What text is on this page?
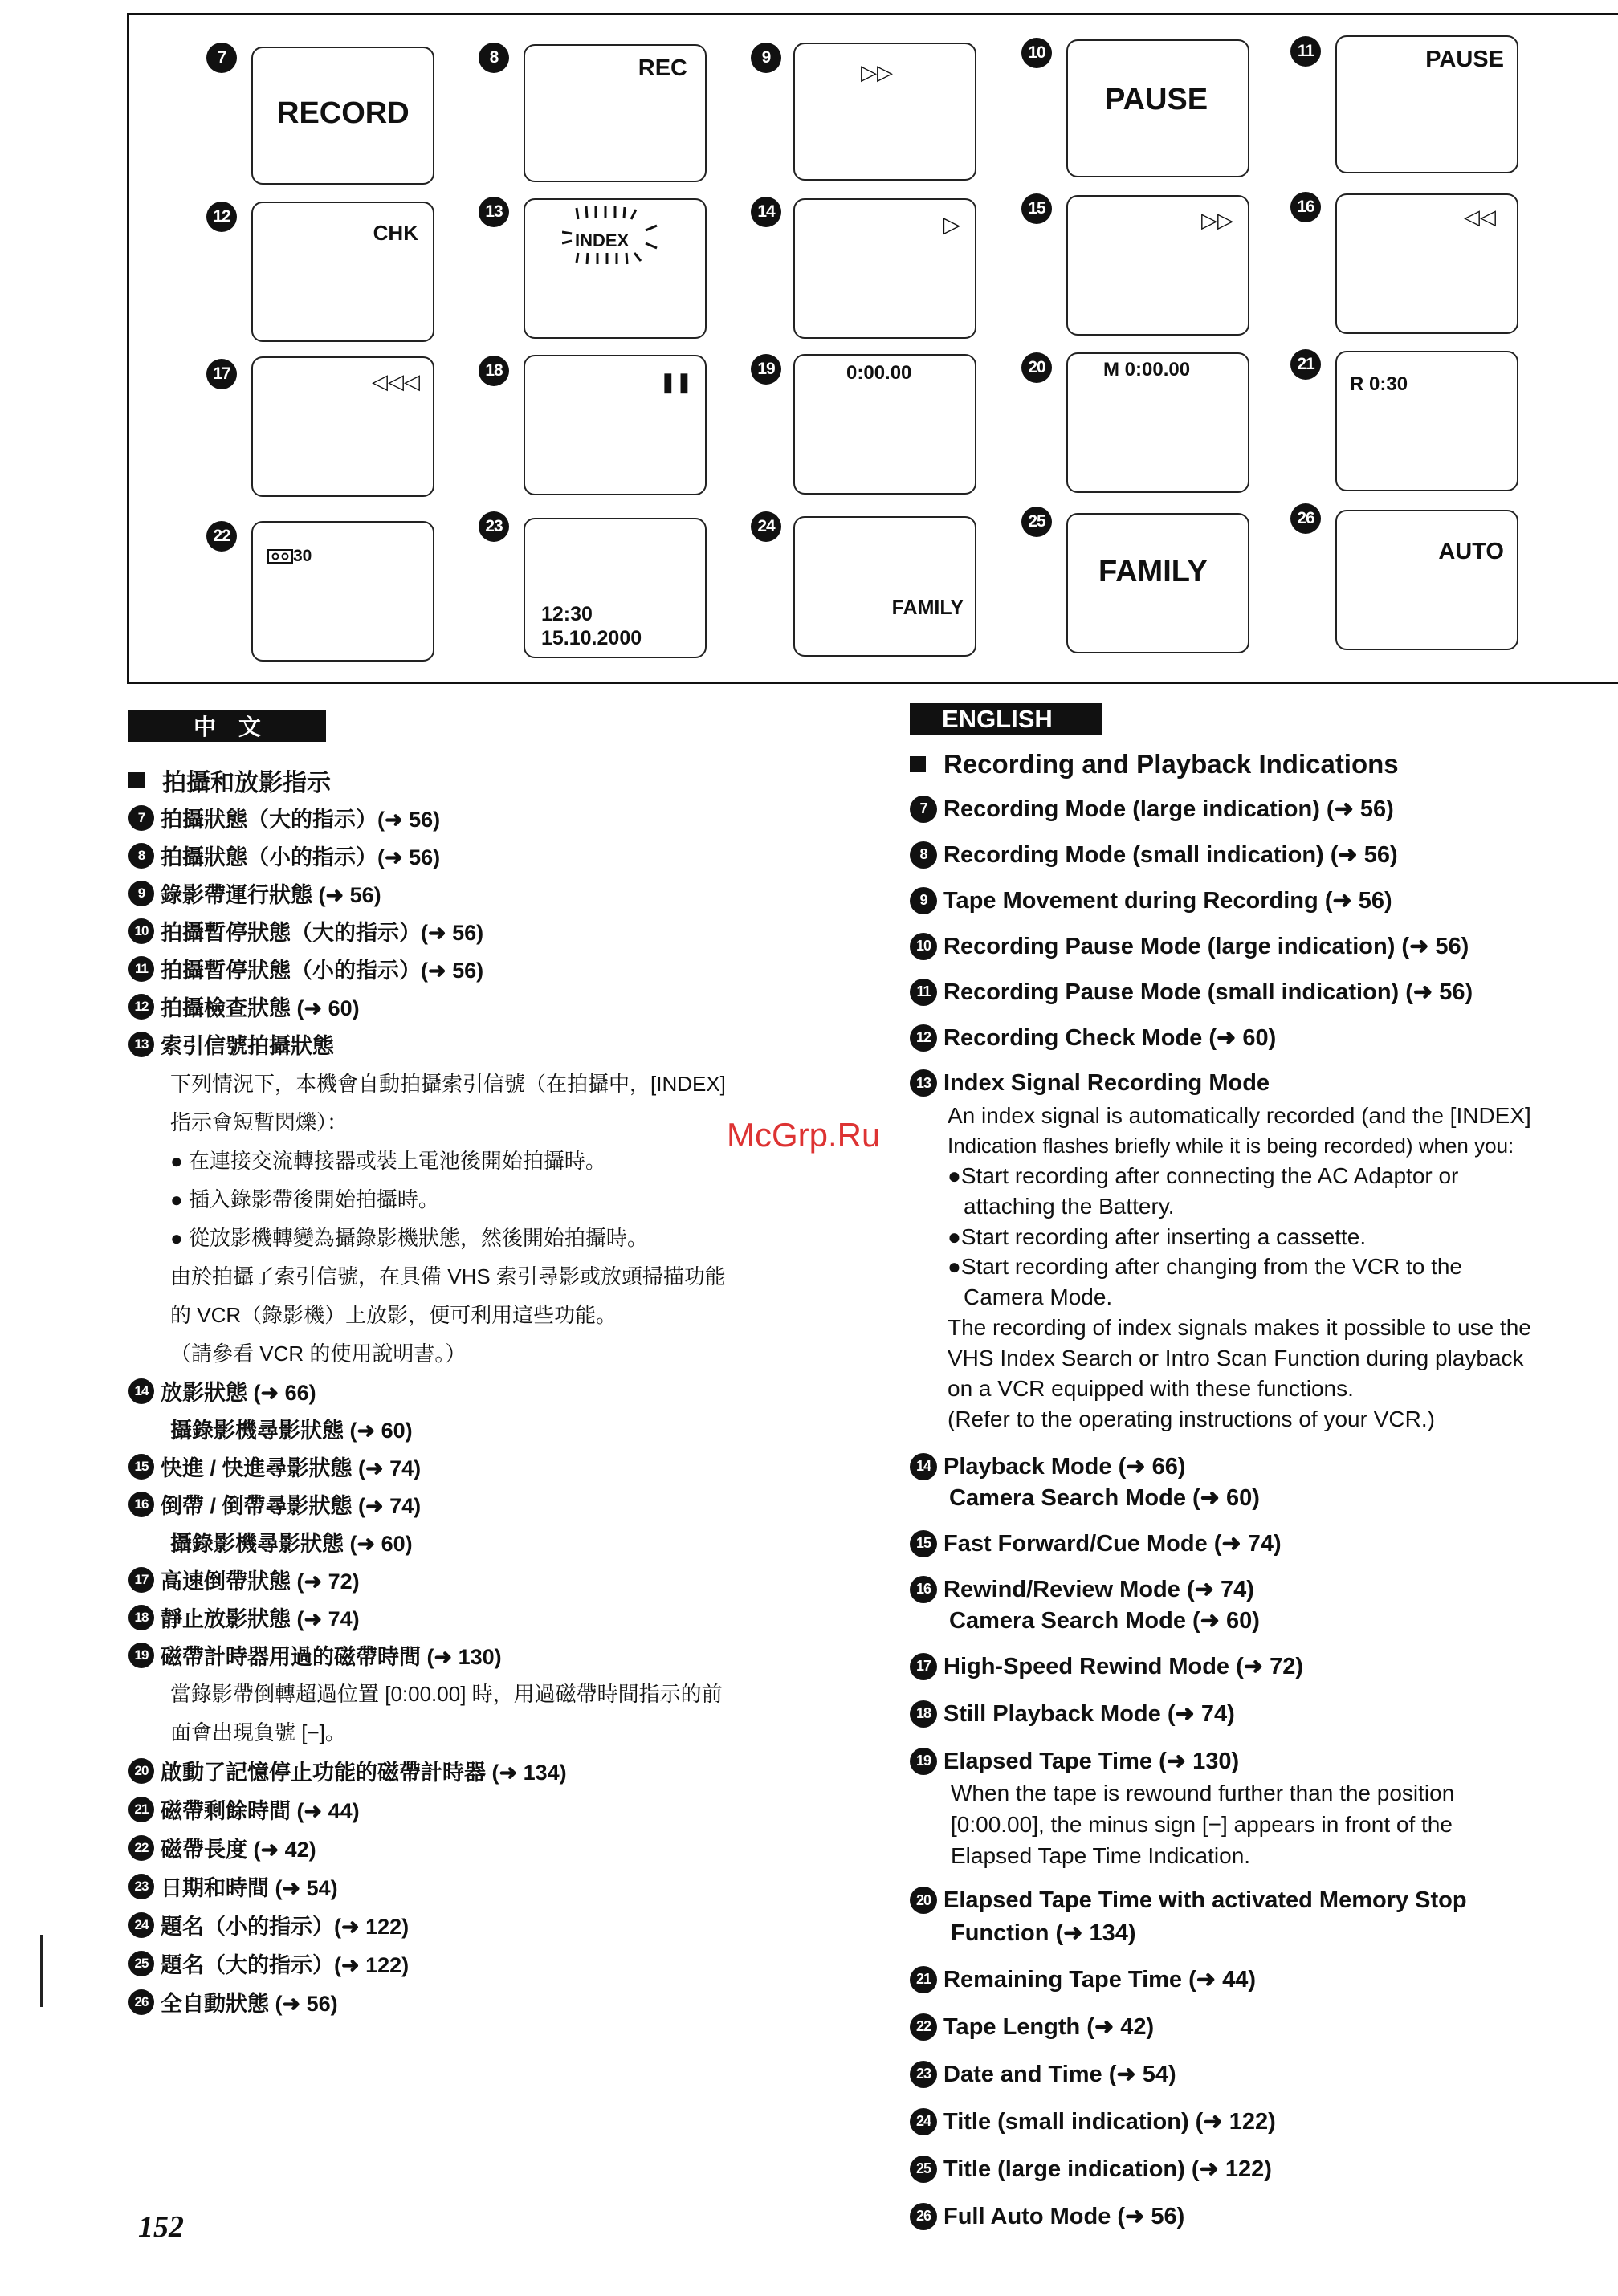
7
RECORD
8	REC	9
▷▷
10
PAUSE
11	PAUSE
12
CHK
13
INDEX
14
▷
15	▷▷
16	◁◁
17	◁◁◁	18
❚❚
19	0:00.00	20	M 0:00.00	21
R 0:30
22
30
23
12:30
15.10.2000
24
FAMILY
25
FAMILY
26
AUTO
中　文
拍攝和放影指示
7 拍攝狀態（大的指示）(➜ 56)
8 拍攝狀態（小的指示）(➜ 56)
9 錄影帶運行狀態 (➜ 56)
10 拍攝暫停狀態（大的指示）(➜ 56)
11 拍攝暫停狀態（小的指示）(➜ 56)
12 拍攝檢查狀態 (➜ 60)
13 索引信號拍攝狀態
下列情況下，本機會自動拍攝索引信號（在拍攝中，[INDEX]
指示會短暫閃爍）：
● 在連接交流轉接器或裝上電池後開始拍攝時。
● 插入錄影帶後開始拍攝時。
● 從放影機轉變為攝錄影機狀態，然後開始拍攝時。
由於拍攝了索引信號，在具備 VHS 索引尋影或放頭掃描功能
的 VCR（錄影機）上放影，便可利用這些功能。
（請參看 VCR 的使用說明書。）
14 放影狀態 (➜ 66)
攝錄影機尋影狀態 (➜ 60)
15 快進 / 快進尋影狀態 (➜ 74)
16 倒帶 / 倒帶尋影狀態 (➜ 74)
攝錄影機尋影狀態 (➜ 60)
17 高速倒帶狀態 (➜ 72)
18 靜止放影狀態 (➜ 74)
19 磁帶計時器用過的磁帶時間 (➜ 130)
當錄影帶倒轉超過位置 [0:00.00] 時，用過磁帶時間指示的前
面會出現負號 [−]。
20 啟動了記憶停止功能的磁帶計時器 (➜ 134)
21 磁帶剩餘時間 (➜ 44)
22 磁帶長度 (➜ 42)
23 日期和時間 (➜ 54)
24 題名（小的指示）(➜ 122)
25 題名（大的指示）(➜ 122)
26 全自動狀態 (➜ 56)
ENGLISH
Recording and Playback Indications
7 Recording Mode (large indication) (➜ 56)
8 Recording Mode (small indication) (➜ 56)
9 Tape Movement during Recording (➜ 56)
10 Recording Pause Mode (large indication) (➜ 56)
11 Recording Pause Mode (small indication) (➜ 56)
12 Recording Check Mode (➜ 60)
13 Index Signal Recording Mode
An index signal is automatically recorded (and the [INDEX]
Indication flashes briefly while it is being recorded) when you:
●Start recording after connecting the AC Adaptor or
attaching the Battery.
●Start recording after inserting a cassette.
●Start recording after changing from the VCR to the
Camera Mode.
The recording of index signals makes it possible to use the
VHS Index Search or Intro Scan Function during playback
on a VCR equipped with these functions.
(Refer to the operating instructions of your VCR.)
14 Playback Mode (➜ 66)
Camera Search Mode (➜ 60)
15 Fast Forward/Cue Mode (➜ 74)
16 Rewind/Review Mode (➜ 74)
Camera Search Mode (➜ 60)
17 High-Speed Rewind Mode (➜ 72)
18 Still Playback Mode (➜ 74)
19 Elapsed Tape Time (➜ 130)
When the tape is rewound further than the position
[0:00.00], the minus sign [−] appears in front of the
Elapsed Tape Time Indication.
20 Elapsed Tape Time with activated Memory Stop
Function (➜ 134)
21 Remaining Tape Time (➜ 44)
22 Tape Length (➜ 42)
23 Date and Time (➜ 54)
24 Title (small indication) (➜ 122)
25 Title (large indication) (➜ 122)
26 Full Auto Mode (➜ 56)
McGrp.Ru
152
